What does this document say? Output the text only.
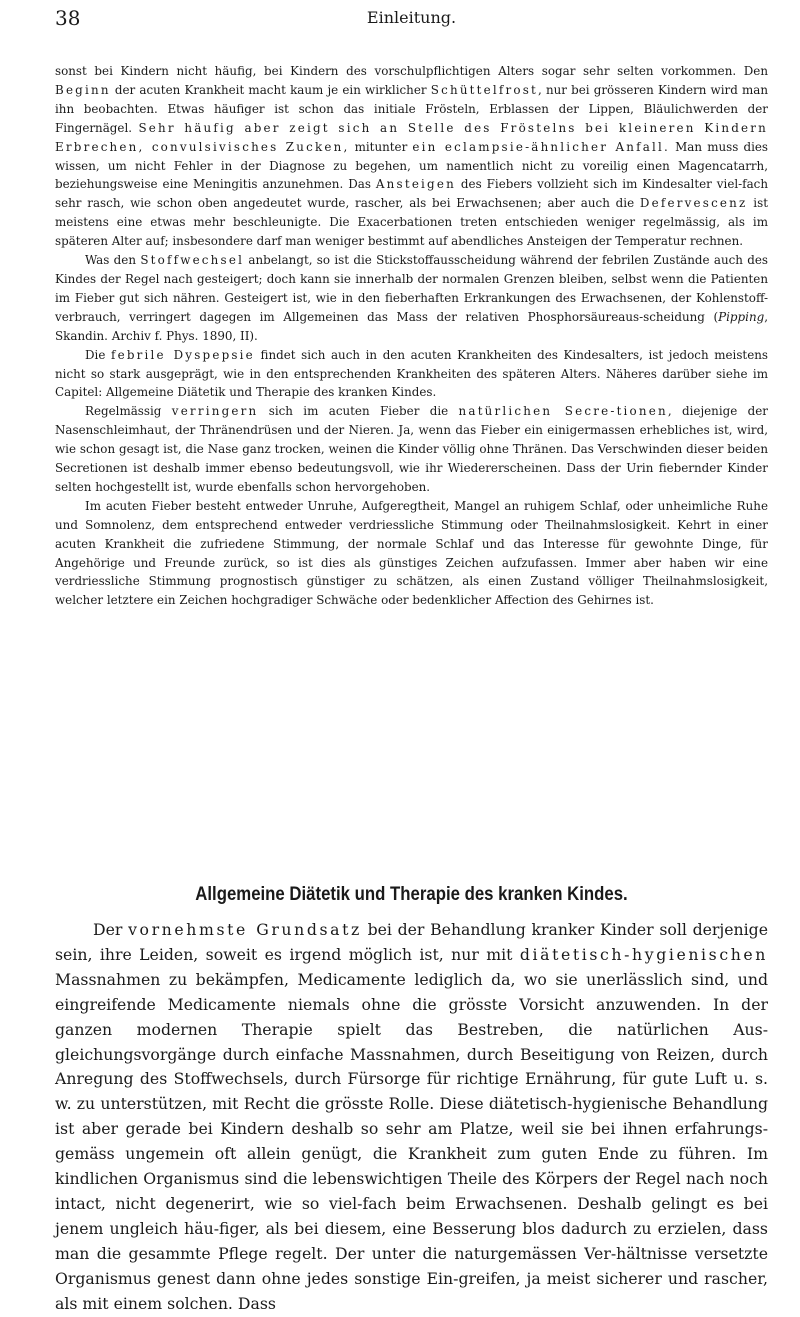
38	Einleitung.

sonst bei Kindern nicht häufig, bei Kindern des vorschulpflichtigen Alters sogar sehr selten vorkommen. Den Beginn der acuten Krankheit macht kaum je ein wirklicher Schüttelfrost, nur bei grösseren Kindern wird man ihn beobachten. Etwas häufiger ist schon das initiale Frösteln, Erblassen der Lippen, Bläulichwerden der Fingernägel. Sehr häufig aber zeigt sich an Stelle des Fröstelns bei kleineren Kindern Erbrechen, convulsivisches Zucken, mitunter ein eclampsie-ähnlicher Anfall. Man muss dies wissen, um nicht Fehler in der Diagnose zu begehen, um namentlich nicht zu voreilig einen Magencatarrh, beziehungsweise eine Meningitis anzunehmen. Das Ansteigen des Fiebers vollzieht sich im Kindesalter viel-fach sehr rasch, wie schon oben angedeutet wurde, rascher, als bei Erwachsenen; aber auch die Defervescenz ist meistens eine etwas mehr beschleunigte. Die Exacerbationen treten entschieden weniger regelmässig, als im späteren Alter auf; insbesondere darf man weniger bestimmt auf abendliches Ansteigen der Temperatur rechnen.

Was den Stoffwechsel anbelangt, so ist die Stickstoffausscheidung während der febrilen Zustände auch des Kindes der Regel nach gesteigert; doch kann sie innerhalb der normalen Grenzen bleiben, selbst wenn die Patienten im Fieber gut sich nähren. Gesteigert ist, wie in den fieberhaften Erkrankungen des Erwachsenen, der Kohlenstoff-verbrauch, verringert dagegen im Allgemeinen das Mass der relativen Phosphorsäureaus-scheidung (Pipping, Skandin. Archiv f. Phys. 1890, II).

Die febrile Dyspepsie findet sich auch in den acuten Krankheiten des Kindesalters, ist jedoch meistens nicht so stark ausgeprägt, wie in den entsprechenden Krankheiten des späteren Alters. Näheres darüber siehe im Capitel: Allgemeine Diätetik und Therapie des kranken Kindes.

Regelmässig verringern sich im acuten Fieber die natürlichen Secre-tionen, diejenige der Nasenschleimhaut, der Thränendrüsen und der Nieren. Ja, wenn das Fieber ein einigermassen erhebliches ist, wird, wie schon gesagt ist, die Nase ganz trocken, weinen die Kinder völlig ohne Thränen. Das Verschwinden dieser beiden Secretionen ist deshalb immer ebenso bedeutungsvoll, wie ihr Wiedererscheinen. Dass der Urin fiebernder Kinder selten hochgestellt ist, wurde ebenfalls schon hervorgehoben.

Im acuten Fieber besteht entweder Unruhe, Aufgeregtheit, Mangel an ruhigem Schlaf, oder unheimliche Ruhe und Somnolenz, dem entsprechend entweder verdriessliche Stimmung oder Theilnahmslosigkeit. Kehrt in einer acuten Krankheit die zufriedene Stimmung, der normale Schlaf und das Interesse für gewohnte Dinge, für Angehörige und Freunde zurück, so ist dies als günstiges Zeichen aufzufassen. Immer aber haben wir eine verdriessliche Stimmung prognostisch günstiger zu schätzen, als einen Zustand völliger Theilnahmslosigkeit, welcher letztere ein Zeichen hochgradiger Schwäche oder bedenklicher Affection des Gehirnes ist.

Allgemeine Diätetik und Therapie des kranken Kindes.

Der vornehmste Grundsatz bei der Behandlung kranker Kinder soll derjenige sein, ihre Leiden, soweit es irgend möglich ist, nur mit diätetisch-hygienischen Massnahmen zu bekämpfen, Medicamente lediglich da, wo sie unerlässlich sind, und eingreifende Medicamente niemals ohne die grösste Vorsicht anzuwenden. In der ganzen modernen Therapie spielt das Bestreben, die natürlichen Aus-gleichungsvorgänge durch einfache Massnahmen, durch Beseitigung von Reizen, durch Anregung des Stoffwechsels, durch Fürsorge für richtige Ernährung, für gute Luft u. s. w. zu unterstützen, mit Recht die grösste Rolle. Diese diätetisch-hygienische Behandlung ist aber gerade bei Kindern deshalb so sehr am Platze, weil sie bei ihnen erfahrungs-gemäss ungemein oft allein genügt, die Krankheit zum guten Ende zu führen. Im kindlichen Organismus sind die lebenswichtigen Theile des Körpers der Regel nach noch intact, nicht degenerirt, wie so viel-fach beim Erwachsenen. Deshalb gelingt es bei jenem ungleich häu-figer, als bei diesem, eine Besserung blos dadurch zu erzielen, dass man die gesammte Pflege regelt. Der unter die naturgemässen Ver-hältnisse versetzte Organismus genest dann ohne jedes sonstige Ein-greifen, ja meist sicherer und rascher, als mit einem solchen. Dass
